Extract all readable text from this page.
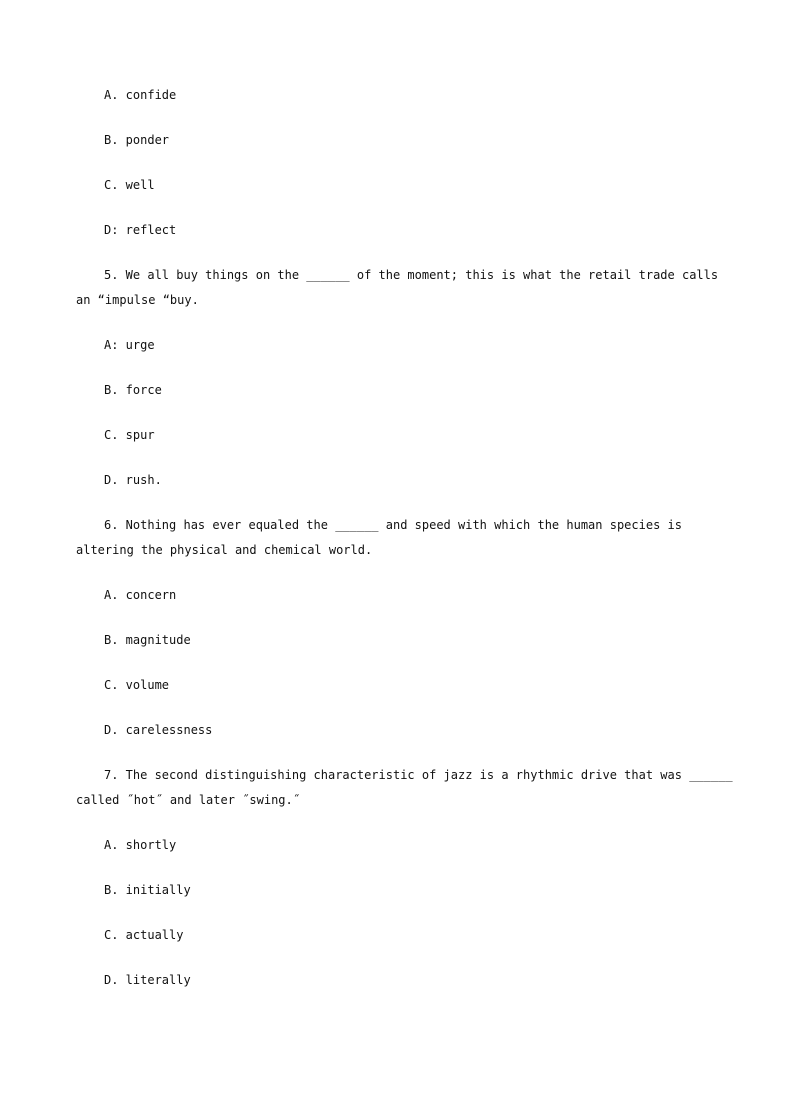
A. confide
B. ponder
C. well
D: reflect
5. We all buy things on the ______ of the moment; this is what the retail trade calls
an “impulse “buy.
A: urge
B. force
C. spur
D. rush.
6. Nothing has ever equaled the ______ and speed with which the human species is
altering the physical and chemical world.
A. concern
B. magnitude
C. volume
D. carelessness
7. The second distinguishing characteristic of jazz is a rhythmic drive that was ______
called ˝hot˝ and later ˝swing.˝
A. shortly
B. initially
C. actually
D. literally
